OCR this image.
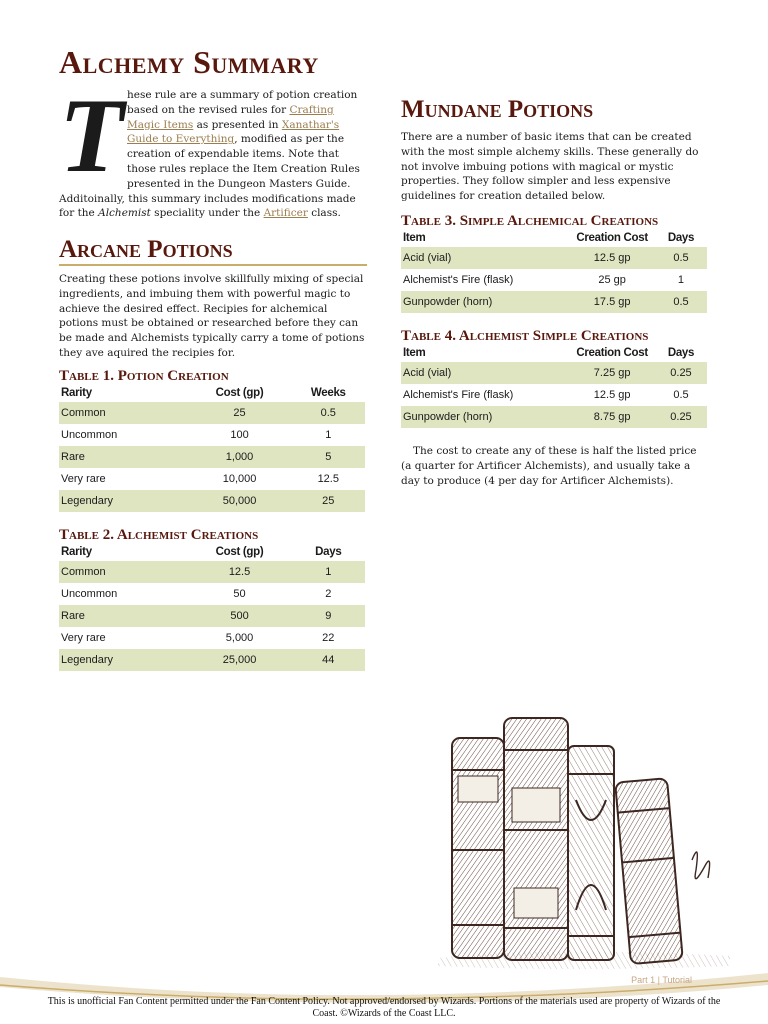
Alchemy Summary

These rule are a summary of potion creation based on the revised rules for Crafting Magic Items as presented in Xanathar's Guide to Everything, modified as per the creation of expendable items. Note that those rules replace the Item Creation Rules presented in the Dungeon Masters Guide. Additoinally, this summary includes modifications made for the Alchemist speciality under the Artificer class.

Arcane Potions

Creating these potions involve skillfully mixing of special ingredients, and imbuing them with powerful magic to achieve the desired effect. Recipies for alchemical potions must be obtained or researched before they can be made and Alchemists typically carry a tome of potions they ave aquired the recipies for.

Table 1. Potion Creation
Rarity	Cost (gp)	Weeks
Common	25	0.5
Uncommon	100	1
Rare	1,000	5
Very rare	10,000	12.5
Legendary	50,000	25
Table 2. Alchemist Creations
Rarity	Cost (gp)	Days
Common	12.5	1
Uncommon	50	2
Rare	500	9
Very rare	5,000	22
Legendary	25,000	44
Mundane Potions

There are a number of basic items that can be created with the most simple alchemy skills. These generally do not involve imbuing potions with magical or mystic properties. They follow simpler and less expensive guidelines for creation detailed below.

Table 3. Simple Alchemical Creations
Item	Creation Cost	Days
Acid (vial)	12.5 gp	0.5
Alchemist's Fire (flask)	25 gp	1
Gunpowder (horn)	17.5 gp	0.5
Table 4. Alchemist Simple Creations
Item	Creation Cost	Days
Acid (vial)	7.25 gp	0.25
Alchemist's Fire (flask)	12.5 gp	0.5
Gunpowder (horn)	8.75 gp	0.25

The cost to create any of these is half the listed price (a quarter for Artificer Alchemists), and usually take a day to produce (4 per day for Artificer Alchemists).

Part 1 | Tutorial
This is unofficial Fan Content permitted under the Fan Content Policy. Not approved/endorsed by Wizards. Portions of the materials used are property of Wizards of the Coast. ©Wizards of the Coast LLC.
